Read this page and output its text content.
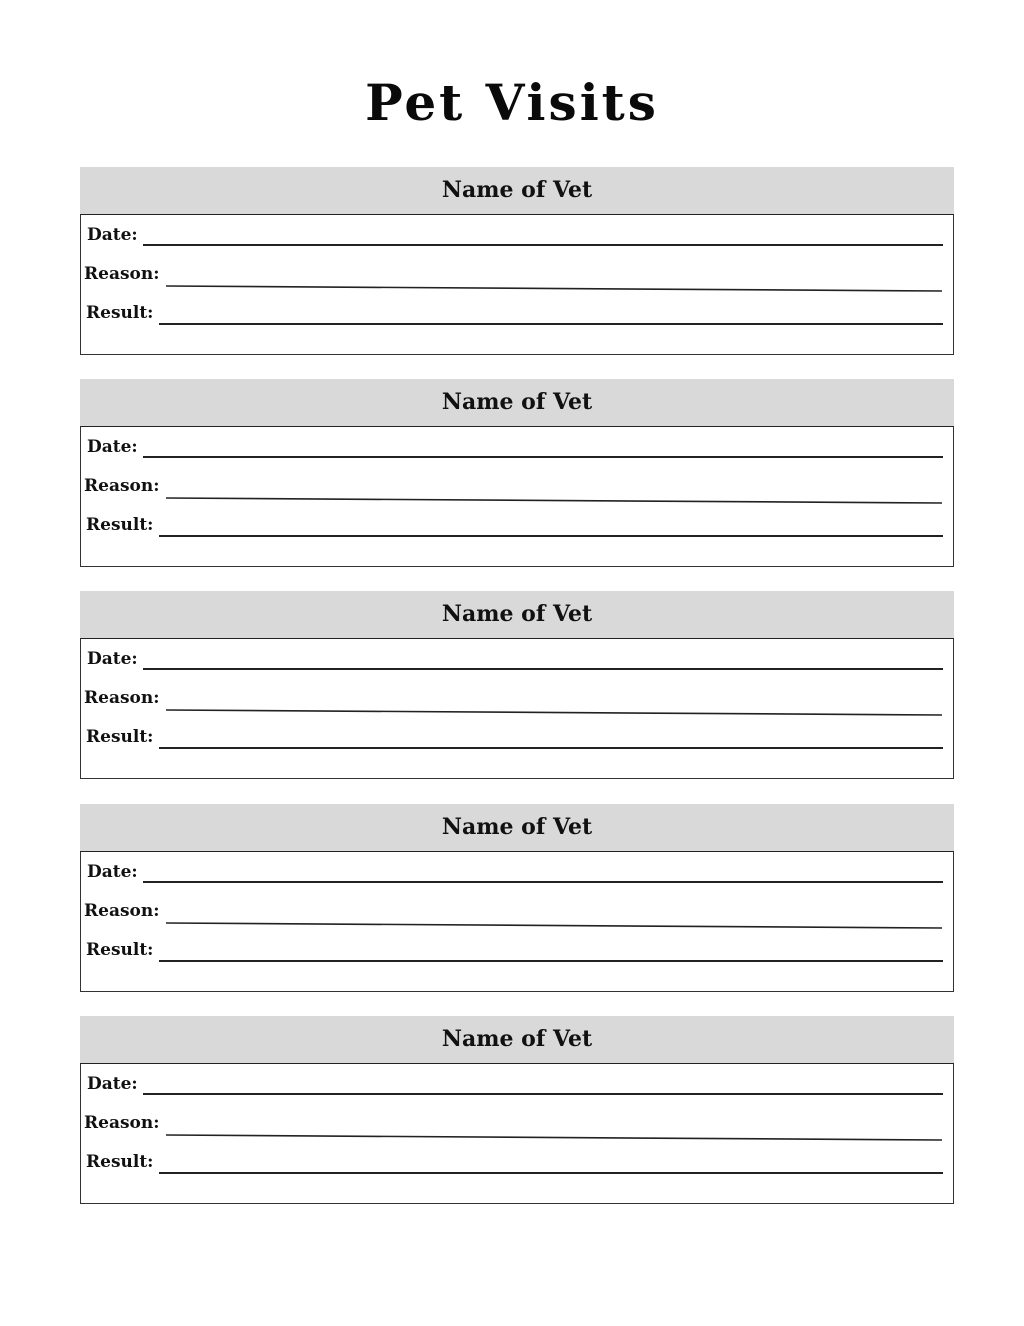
Pet Visits
Name of Vet
Date:
Reason:
Result:
Name of Vet
Date:
Reason:
Result:
Name of Vet
Date:
Reason:
Result:
Name of Vet
Date:
Reason:
Result:
Name of Vet
Date:
Reason:
Result:
